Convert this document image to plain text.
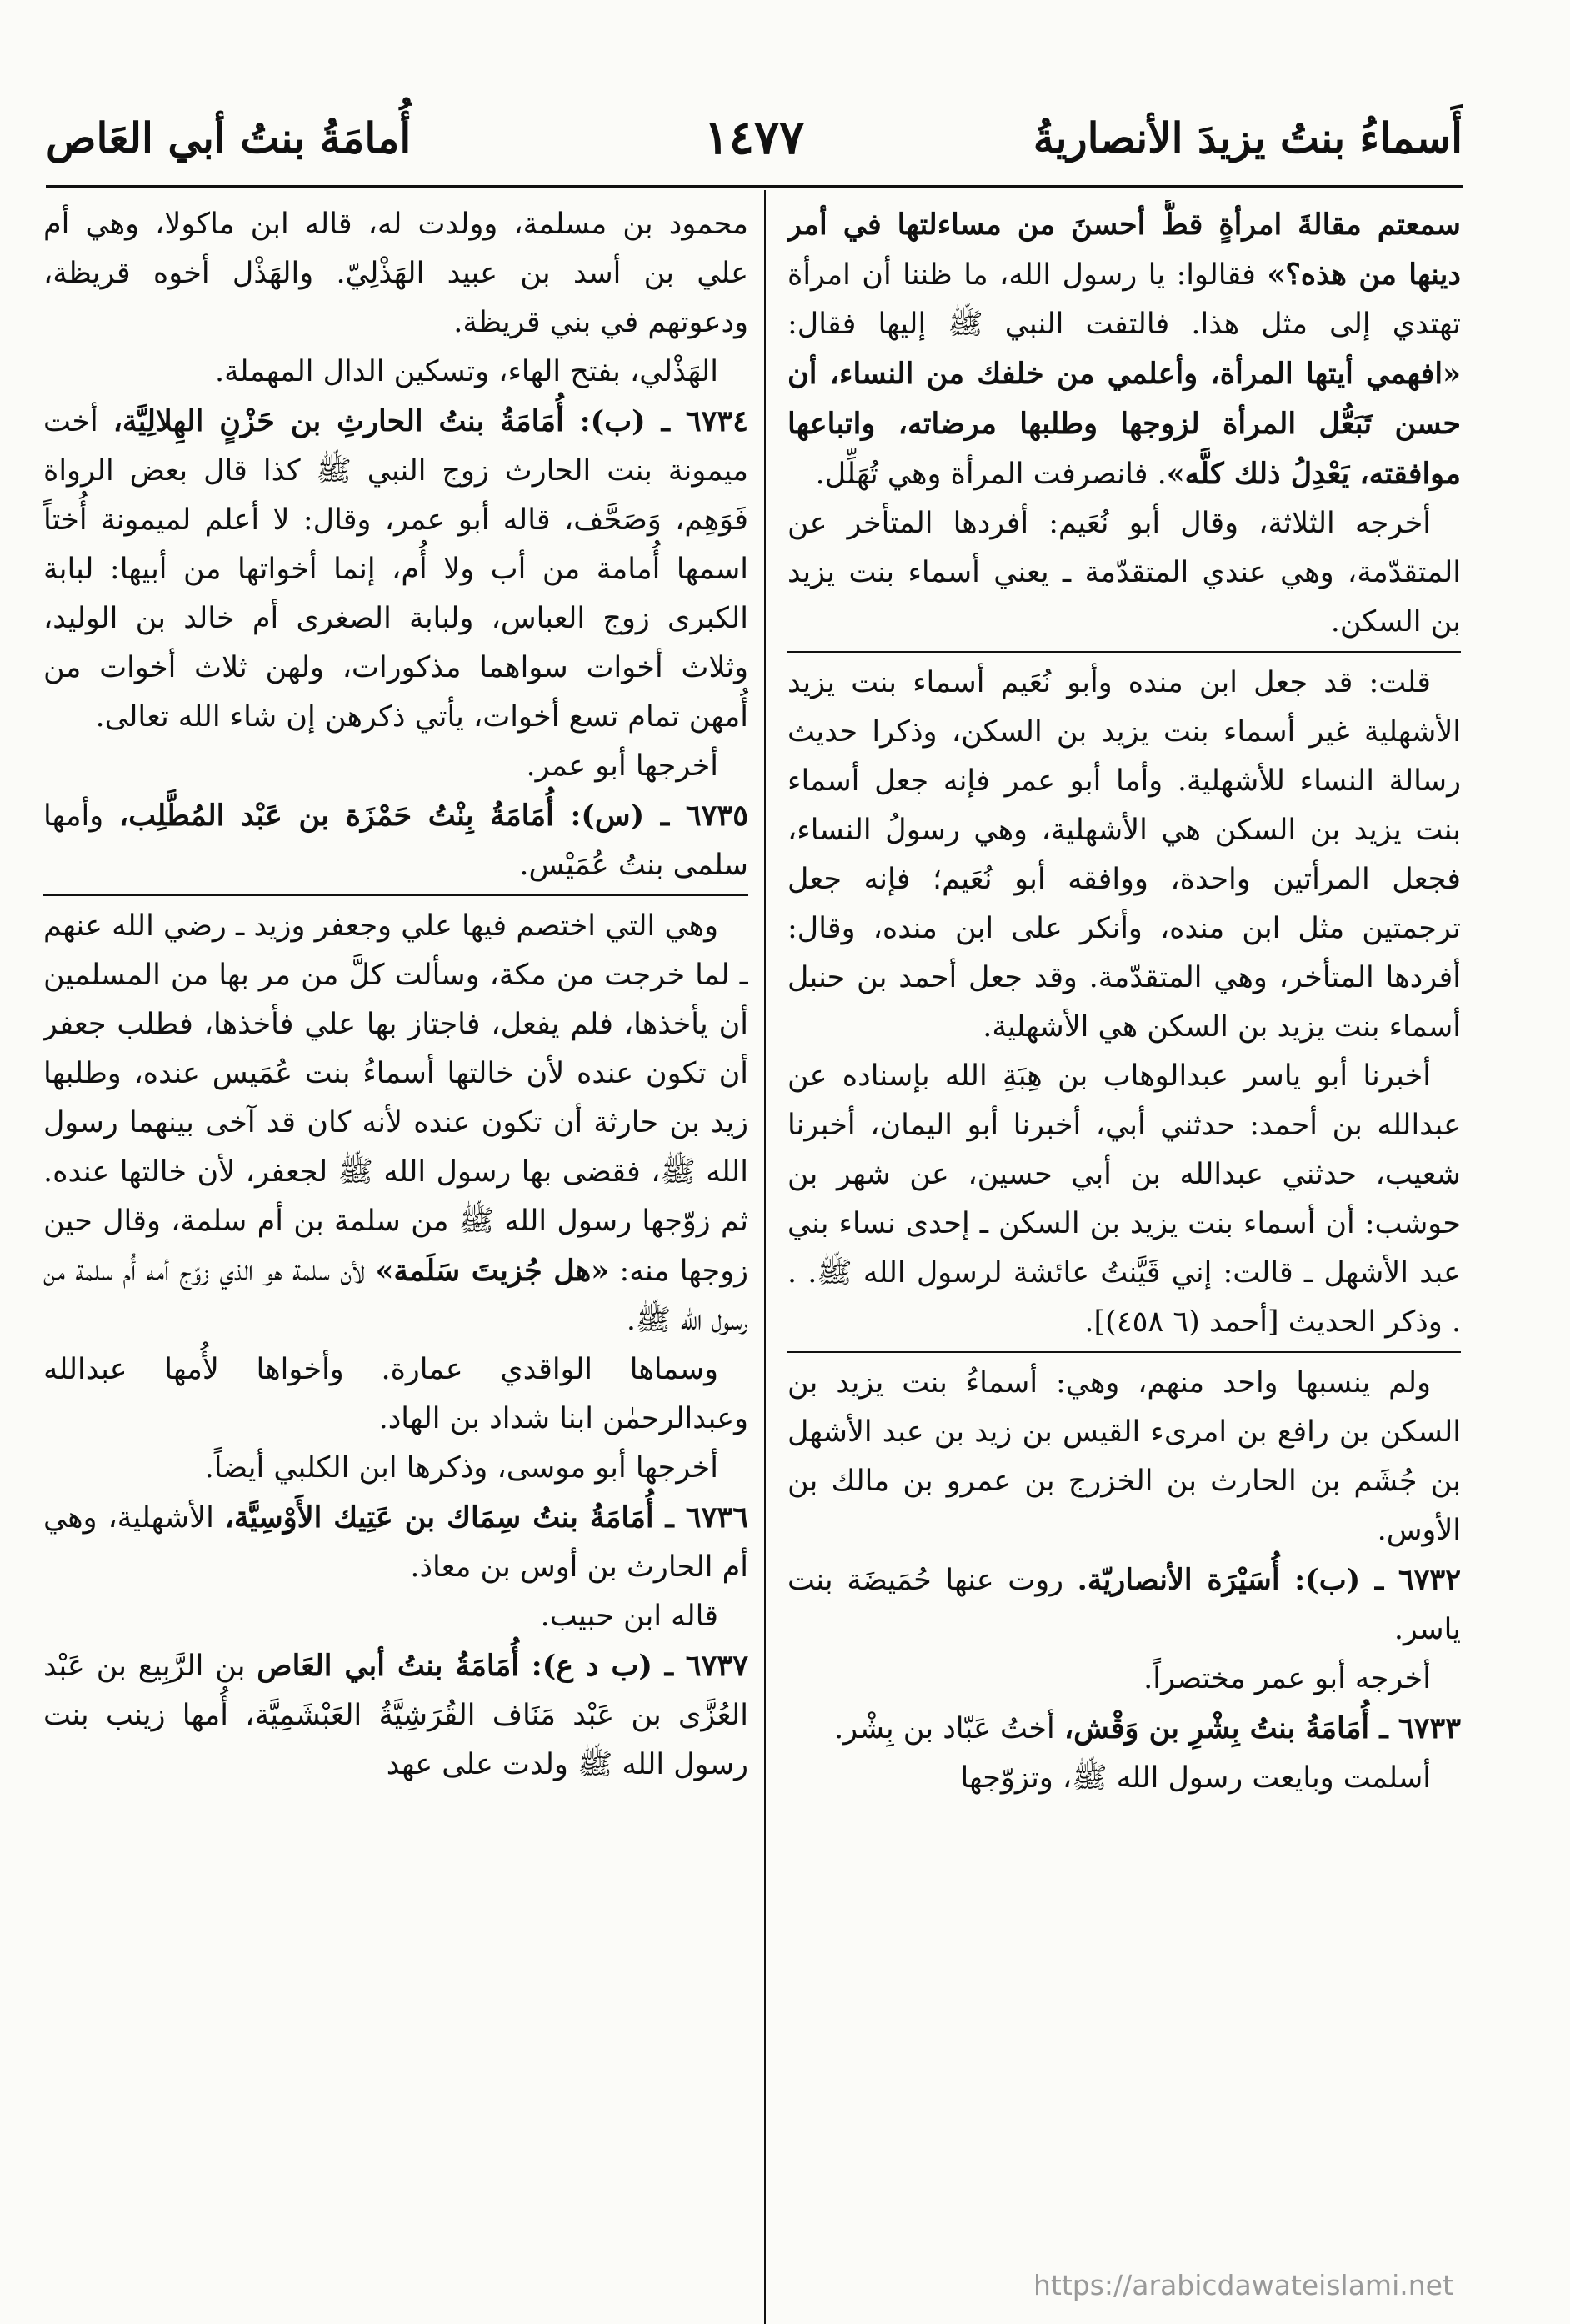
أَسماءُ بنتُ يزيدَ الأنصاريةُ
١٤٧٧
أُمامَةُ بنتُ أبي العَاص

سمعتم مقالةَ امرأةٍ قطُّ أحسنَ من مساءلتها في أمر دينها من هذه؟» فقالوا: يا رسول الله، ما ظننا أن امرأة تهتدي إلى مثل هذا. فالتفت النبي ﷺ إليها فقال: «افهمي أيتها المرأة، وأعلمي من خلفك من النساء، أن حسن تَبَعُّل المرأة لزوجها وطلبها مرضاته، واتباعها موافقته، يَعْدِلُ ذلك كلَّه». فانصرفت المرأة وهي تُهَلِّل.

أخرجه الثلاثة، وقال أبو نُعَيم: أفردها المتأخر عن المتقدّمة، وهي عندي المتقدّمة ـ يعني أسماء بنت يزيد بن السكن.

قلت: قد جعل ابن منده وأبو نُعَيم أسماء بنت يزيد الأشهلية غير أسماء بنت يزيد بن السكن، وذكرا حديث رسالة النساء للأشهلية. وأما أبو عمر فإنه جعل أسماء بنت يزيد بن السكن هي الأشهلية، وهي رسولُ النساء، فجعل المرأتين واحدة، ووافقه أبو نُعَيم؛ فإنه جعل ترجمتين مثل ابن منده، وأنكر على ابن منده، وقال: أفردها المتأخر، وهي المتقدّمة. وقد جعل أحمد بن حنبل أسماء بنت يزيد بن السكن هي الأشهلية.

أخبرنا أبو ياسر عبدالوهاب بن هِبَةِ الله بإسناده عن عبدالله بن أحمد: حدثني أبي، أخبرنا أبو اليمان، أخبرنا شعيب، حدثني عبدالله بن أبي حسين، عن شهر بن حوشب: أن أسماء بنت يزيد بن السكن ـ إحدى نساء بني عبد الأشهل ـ قالت: إني قَيَّنتُ عائشة لرسول الله ﷺ. . . وذكر الحديث [أحمد (٦ ٤٥٨)].

ولم ينسبها واحد منهم، وهي: أسماءُ بنت يزيد بن السكن بن رافع بن امرىء القيس بن زيد بن عبد الأشهل بن جُشَم بن الحارث بن الخزرج بن عمرو بن مالك بن الأوس.

٦٧٣٢ ـ (ب): أُسَيْرَة الأنصاريّة. روت عنها حُمَيضَة بنت ياسر.

أخرجه أبو عمر مختصراً.

٦٧٣٣ ـ أُمَامَةُ بنتُ بِشْرِ بن وَقْش، أختُ عَبّاد بن بِشْر.

أسلمت وبايعت رسول الله ﷺ، وتزوّجها

محمود بن مسلمة، وولدت له، قاله ابن ماكولا، وهي أم علي بن أسد بن عبيد الهَذْلِيّ. والهَذْل أخوه قريظة، ودعوتهم في بني قريظة.

الهَذْلي، بفتح الهاء، وتسكين الدال المهملة.

٦٧٣٤ ـ (ب): أُمَامَةُ بنتُ الحارثِ بن حَزْنٍ الهِلالِيَّة، أخت ميمونة بنت الحارث زوج النبي ﷺ كذا قال بعض الرواة فَوَهِم، وَصَحَّف، قاله أبو عمر، وقال: لا أعلم لميمونة أُختاً اسمها أُمامة من أب ولا أُم، إنما أخواتها من أبيها: لبابة الكبرى زوج العباس، ولبابة الصغرى أم خالد بن الوليد، وثلاث أخوات سواهما مذكورات، ولهن ثلاث أخوات من أُمهن تمام تسع أخوات، يأتي ذكرهن إن شاء الله تعالى.

أخرجها أبو عمر.

٦٧٣٥ ـ (س): أُمَامَةُ بِنْتُ حَمْزَة بن عَبْد المُطَّلِب، وأمها سلمى بنتُ عُمَيْس.

وهي التي اختصم فيها علي وجعفر وزيد ـ رضي الله عنهم ـ لما خرجت من مكة، وسألت كلَّ من مر بها من المسلمين أن يأخذها، فلم يفعل، فاجتاز بها علي فأخذها، فطلب جعفر أن تكون عنده لأن خالتها أسماءُ بنت عُمَيس عنده، وطلبها زيد بن حارثة أن تكون عنده لأنه كان قد آخى بينهما رسول الله ﷺ، فقضى بها رسول الله ﷺ لجعفر، لأن خالتها عنده. ثم زوّجها رسول الله ﷺ من سلمة بن أم سلمة، وقال حين زوجها منه: «هل جُزيتَ سَلَمة» لأن سلمة هو الذي زوّج أمه أُم سلمة من رسول الله ﷺ.

وسماها الواقدي عمارة. وأخواها لأُمها عبدالله وعبدالرحمٰن ابنا شداد بن الهاد.

أخرجها أبو موسى، وذكرها ابن الكلبي أيضاً.

٦٧٣٦ ـ أُمَامَةُ بنتُ سِمَاك بن عَتِيك الأَوْسِيَّة، الأشهلية، وهي أم الحارث بن أوس بن معاذ.

قاله ابن حبيب.

٦٧٣٧ ـ (ب د ع): أُمَامَةُ بنتُ أبي العَاص بن الرَّبِيع بن عَبْد العُزَّى بن عَبْد مَنَاف القُرَشِيَّةُ العَبْشَمِيَّة، أُمها زينب بنت رسول الله ﷺ ولدت على عهد

https://arabicdawateislami.net
